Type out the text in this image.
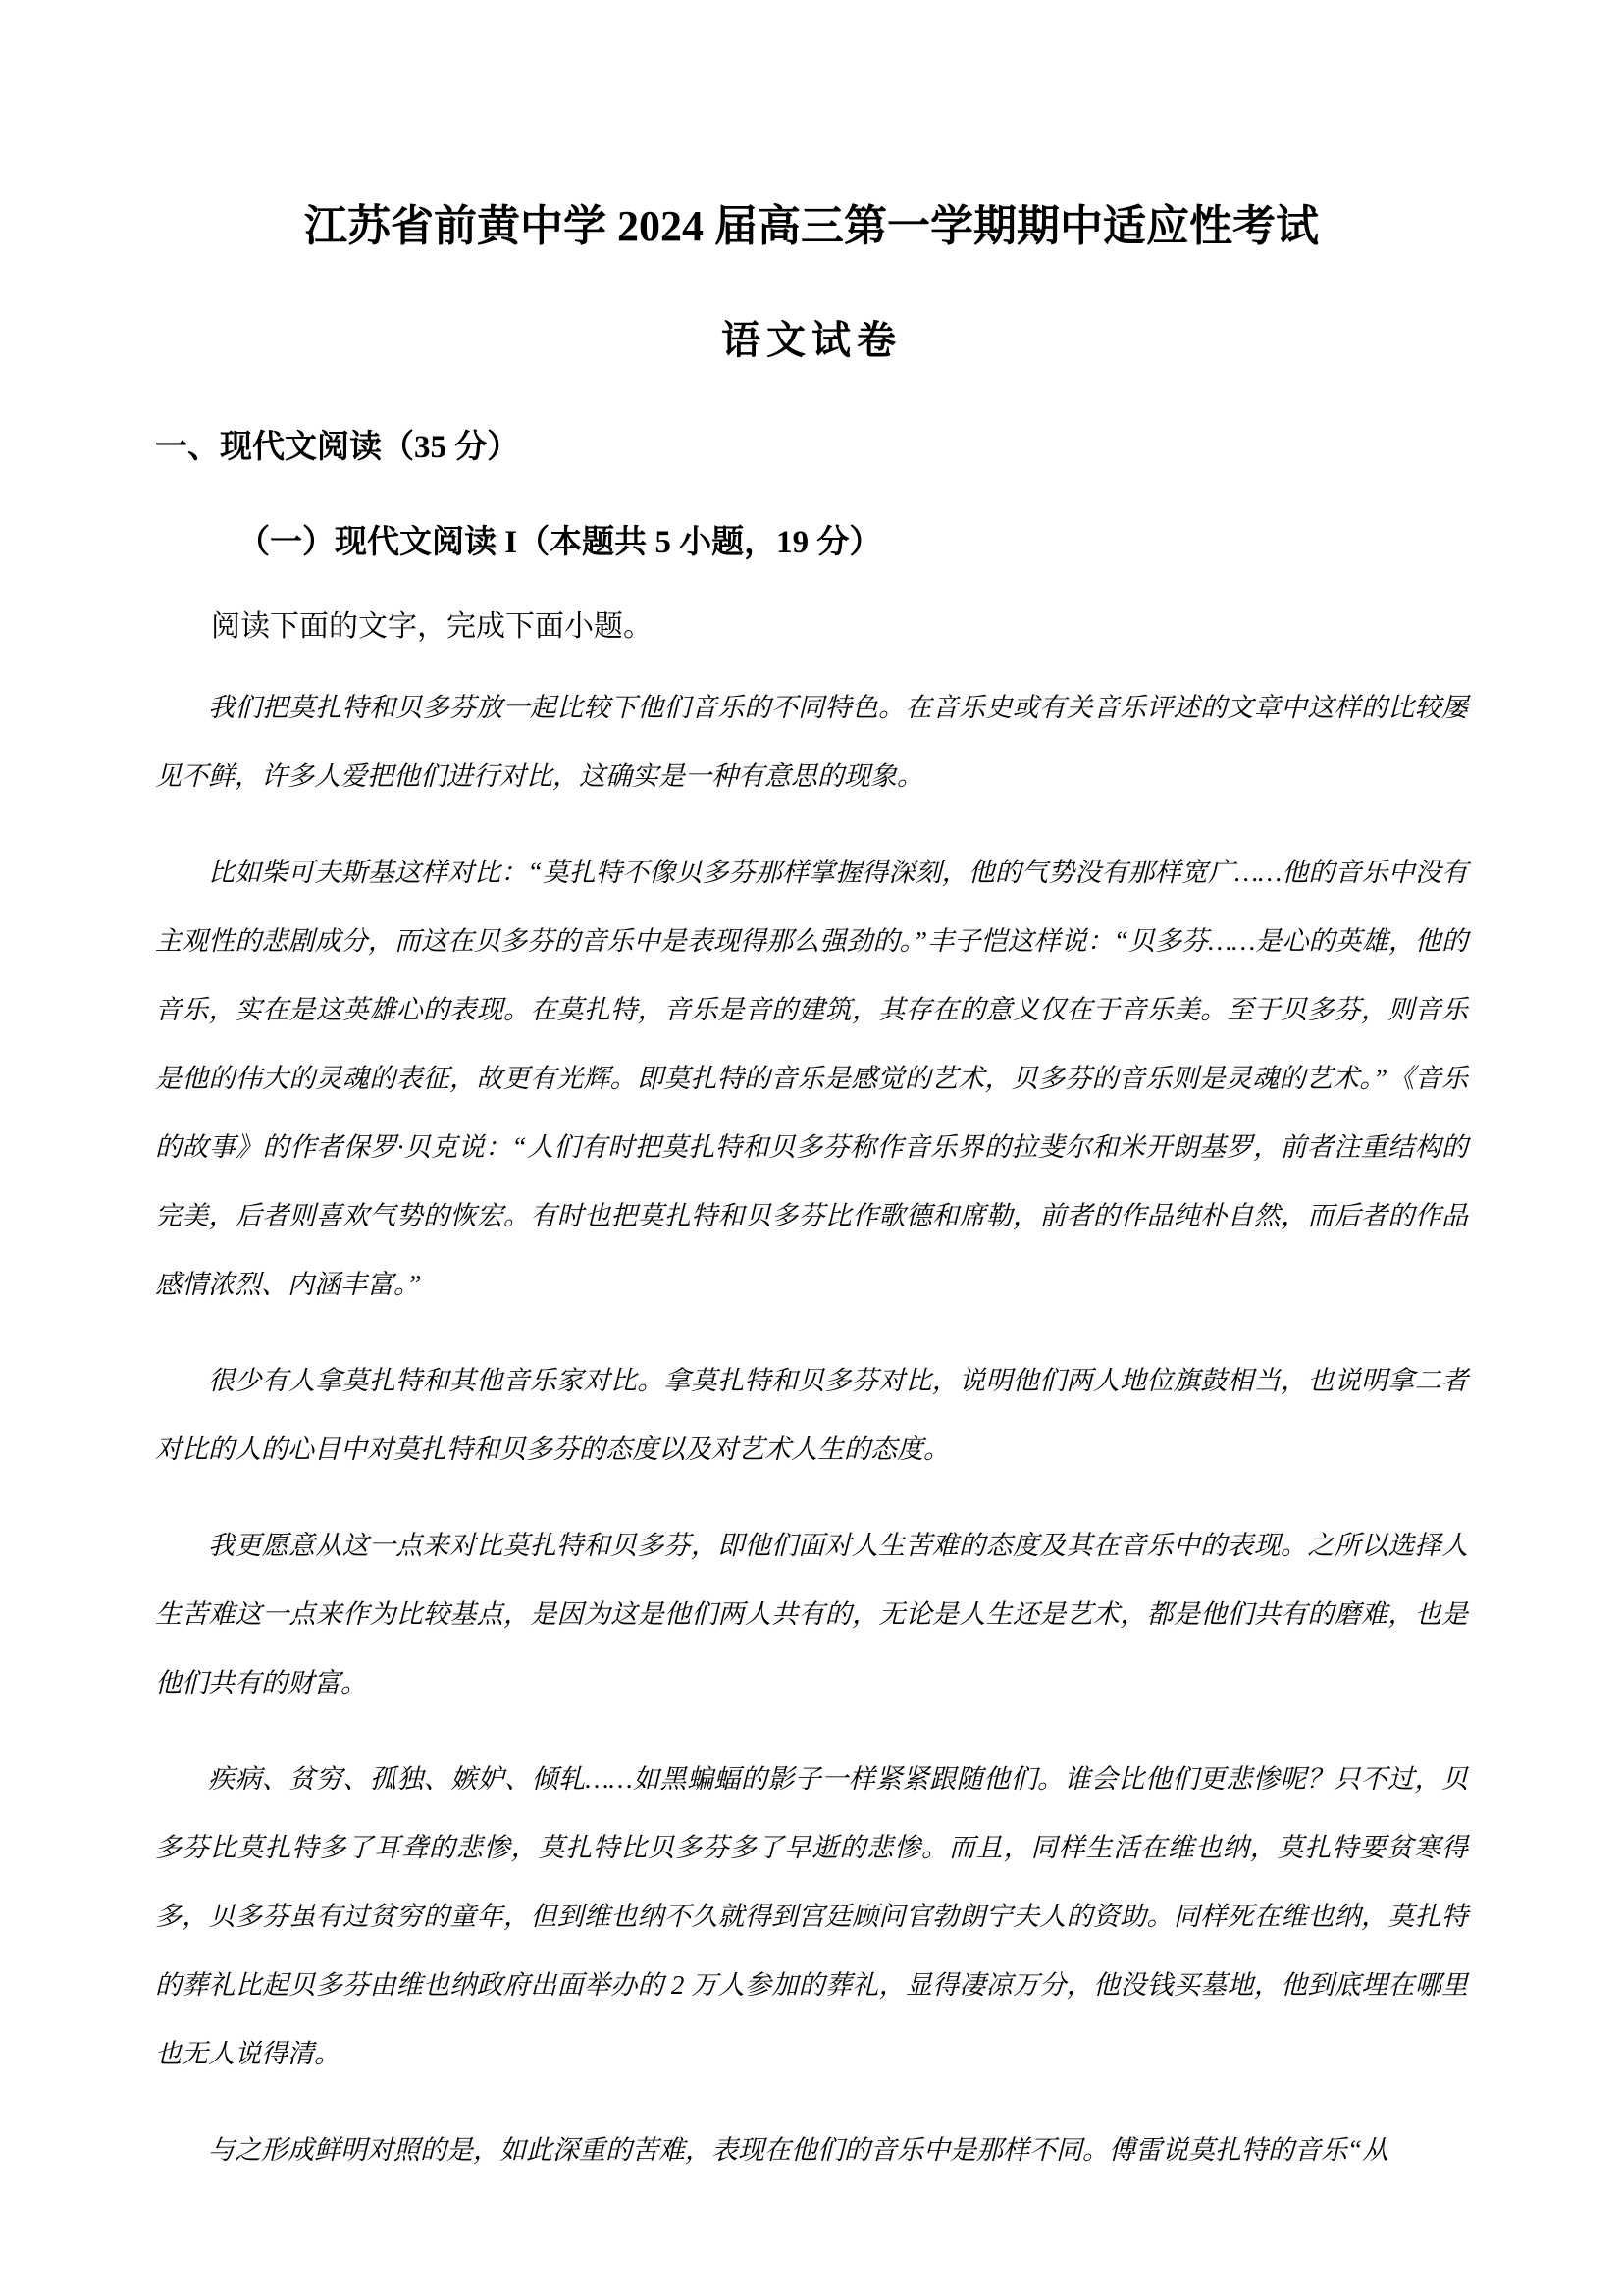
江苏省前黄中学 2024 届高三第一学期期中适应性考试
语文试卷
一、现代文阅读（35 分）
（一）现代文阅读 I（本题共 5 小题，19 分）
阅读下面的文字，完成下面小题。

我们把莫扎特和贝多芬放一起比较下他们音乐的不同特色。在音乐史或有关音乐评述的文章中这样的比较屡见不鲜，许多人爱把他们进行对比，这确实是一种有意思的现象。

比如柴可夫斯基这样对比：“莫扎特不像贝多芬那样掌握得深刻，他的气势没有那样宽广……他的音乐中没有主观性的悲剧成分，而这在贝多芬的音乐中是表现得那么强劲的。”丰子恺这样说：“贝多芬……是心的英雄，他的音乐，实在是这英雄心的表现。在莫扎特，音乐是音的建筑，其存在的意义仅在于音乐美。至于贝多芬，则音乐是他的伟大的灵魂的表征，故更有光辉。即莫扎特的音乐是感觉的艺术，贝多芬的音乐则是灵魂的艺术。”《音乐的故事》的作者保罗·贝克说：“人们有时把莫扎特和贝多芬称作音乐界的拉斐尔和米开朗基罗，前者注重结构的完美，后者则喜欢气势的恢宏。有时也把莫扎特和贝多芬比作歌德和席勒，前者的作品纯朴自然，而后者的作品感情浓烈、内涵丰富。”

很少有人拿莫扎特和其他音乐家对比。拿莫扎特和贝多芬对比，说明他们两人地位旗鼓相当，也说明拿二者对比的人的心目中对莫扎特和贝多芬的态度以及对艺术人生的态度。

我更愿意从这一点来对比莫扎特和贝多芬，即他们面对人生苦难的态度及其在音乐中的表现。之所以选择人生苦难这一点来作为比较基点，是因为这是他们两人共有的，无论是人生还是艺术，都是他们共有的磨难，也是他们共有的财富。

疾病、贫穷、孤独、嫉妒、倾轧……如黑蝙蝠的影子一样紧紧跟随他们。谁会比他们更悲惨呢？只不过，贝多芬比莫扎特多了耳聋的悲惨，莫扎特比贝多芬多了早逝的悲惨。而且，同样生活在维也纳，莫扎特要贫寒得多，贝多芬虽有过贫穷的童年，但到维也纳不久就得到宫廷顾问官勃朗宁夫人的资助。同样死在维也纳，莫扎特的葬礼比起贝多芬由维也纳政府出面举办的 2 万人参加的葬礼，显得凄凉万分，他没钱买墓地，他到底埋在哪里也无人说得清。

与之形成鲜明对照的是，如此深重的苦难，表现在他们的音乐中是那样不同。傅雷说莫扎特的音乐“从
